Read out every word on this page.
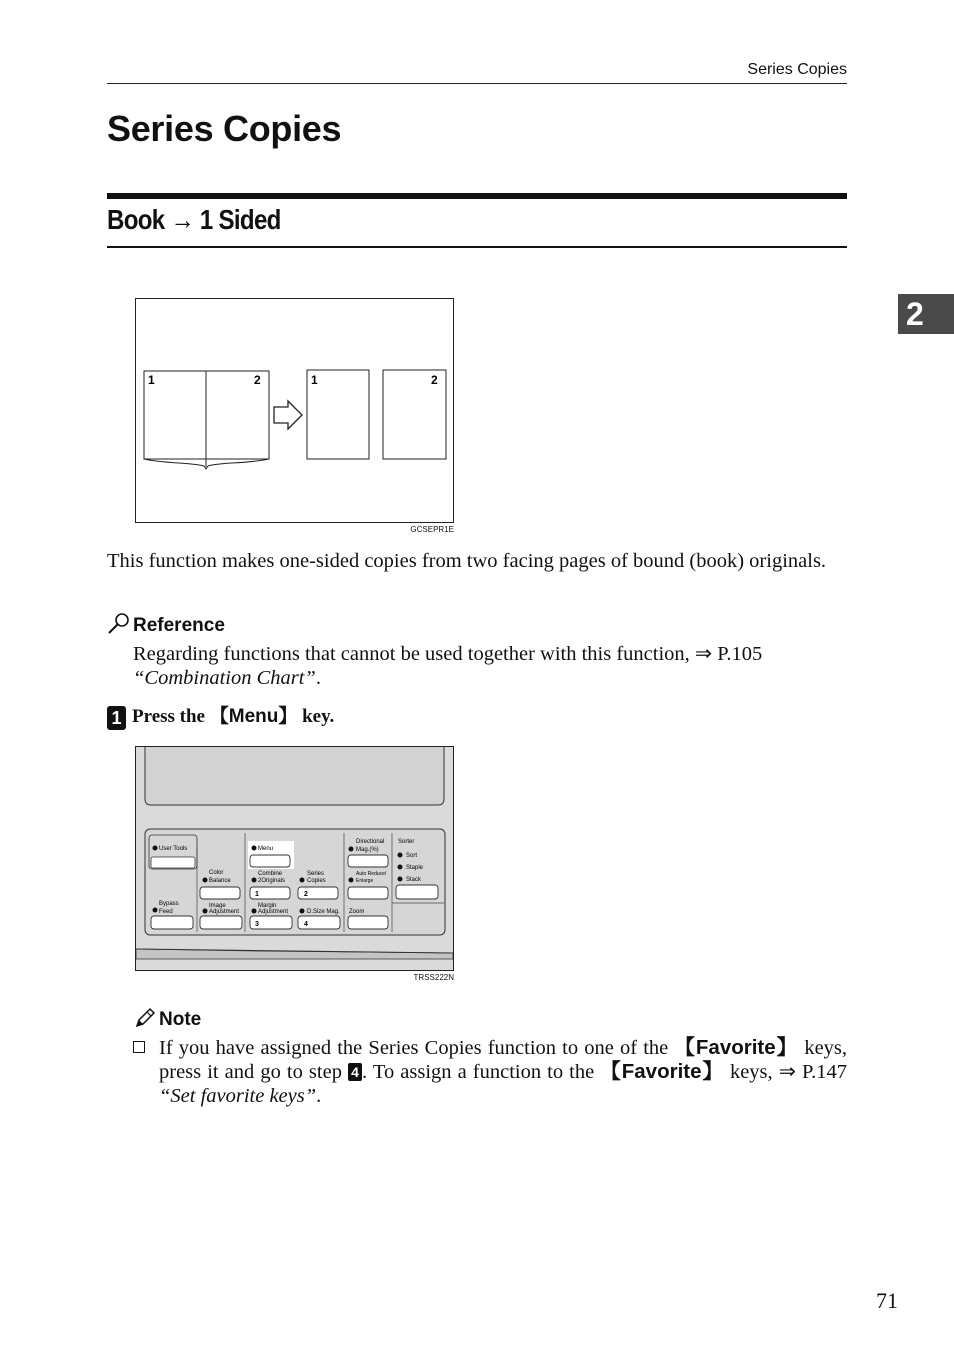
Series Copies
Series Copies
Book → 1 Sided
2
1	2	1	2
GCSEPR1E

This function makes one-sided copies from two facing pages of bound (book) originals.

Reference
Regarding functions that cannot be used together with this function, ⇒ P.105
“Combination Chart”.
1 Press the 【Menu】 key.
User Tools	Menu
Color
Balance
Combine
2Originals
1
Series
Copies
2
Directional
Mag.(%)
Auto Reduce/
Enlarge
Sorter
Sort
Staple
Stack
Bypass
Feed
Image
Adjustment
Margin
Adjustment
3
D.Size Mag.
4
Zoom
TRSS222N
Note
If you have assigned the Series Copies function to one of the 【Favorite】 keys, press it and go to step 4 . To assign a function to the 【Favorite】 keys, ⇒ P.147 “Set favorite keys”.
71
